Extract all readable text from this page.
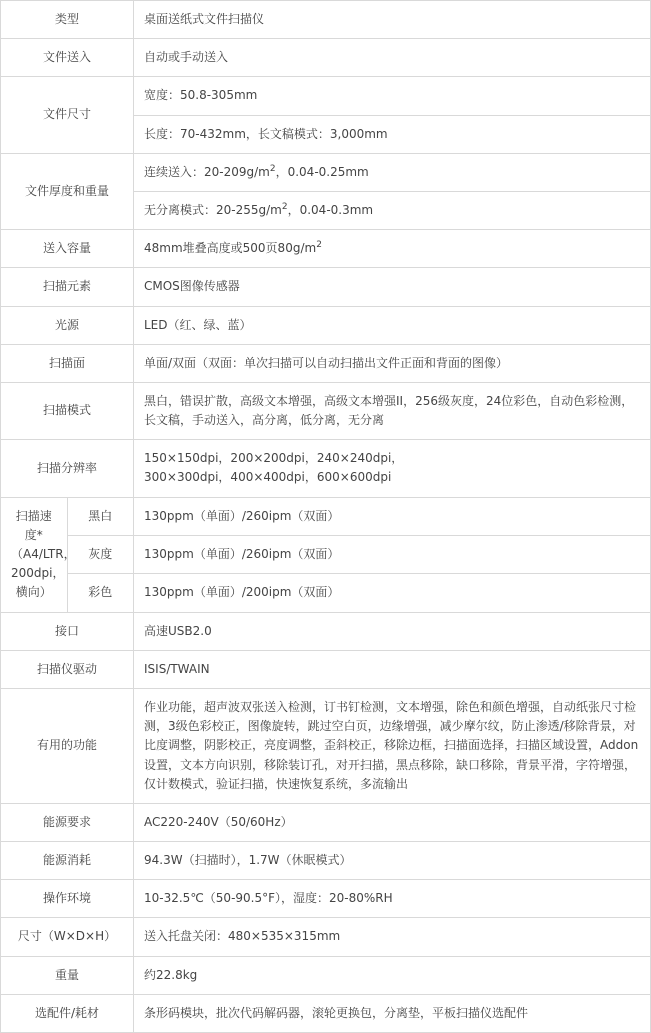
类型	桌面送纸式文件扫描仪
文件送入	自动或手动送入
文件尺寸	
宽度：50.8-305mm
长度：70-432mm，长文稿模式：3,000mm

文件厚度和重量	
连续送入：$20-209g/m^2$，0.04-0.25mm
无分离模式：$20-255g/m^2$，0.04-0.3mm

送入容量	48mm堆叠高度或500页$80g/m^2$
扫描元素	CMOS图像传感器
光源	LED（红、绿、蓝）
扫描面	单面/双面（双面：单次扫描可以自动扫描出文件正面和背面的图像）
扫描模式	黑白，错误扩散，高级文本增强，高级文本增强II，256级灰度，24位彩色，自动色彩检测，长文稿，手动送入，高分离，低分离，无分离
扫描分辨率	150×150dpi，200×200dpi，240×240dpi，
300×300dpi，400×400dpi，600×600dpi

扫描速度*
（A4/LTR，
200dpi，横向）
	黑白	130ppm（单面）/260ipm（双面）
灰度	130ppm（单面）/260ipm（双面）
彩色	130ppm（单面）/200ipm（双面）
接口	高速USB2.0
扫描仪驱动	ISIS/TWAIN
有用的功能	作业功能，超声波双张送入检测，订书钉检测，文本增强，除色和颜色增强，自动纸张尺寸检测，3级色彩校正，图像旋转，跳过空白页，边缘增强，减少摩尔纹，防止渗透/移除背景，对比度调整，阴影校正，亮度调整，歪斜校正，移除边框，扫描面选择，扫描区域设置，Addon设置，文本方向识别，移除装订孔，对开扫描，黑点移除，缺口移除，背景平滑，字符增强，仅计数模式，验证扫描，快速恢复系统，多流输出
能源要求	AC220-240V（50/60Hz）
能源消耗	94.3W（扫描时），1.7W（休眠模式）
操作环境	10-32.5℃（50-90.5°F），湿度：20-80%RH
尺寸（W×D×H）	送入托盘关闭：480×535×315mm
重量	约22.8kg
选配件/耗材	条形码模块，批次代码解码器，滚轮更换包，分离垫，平板扫描仪选配件
